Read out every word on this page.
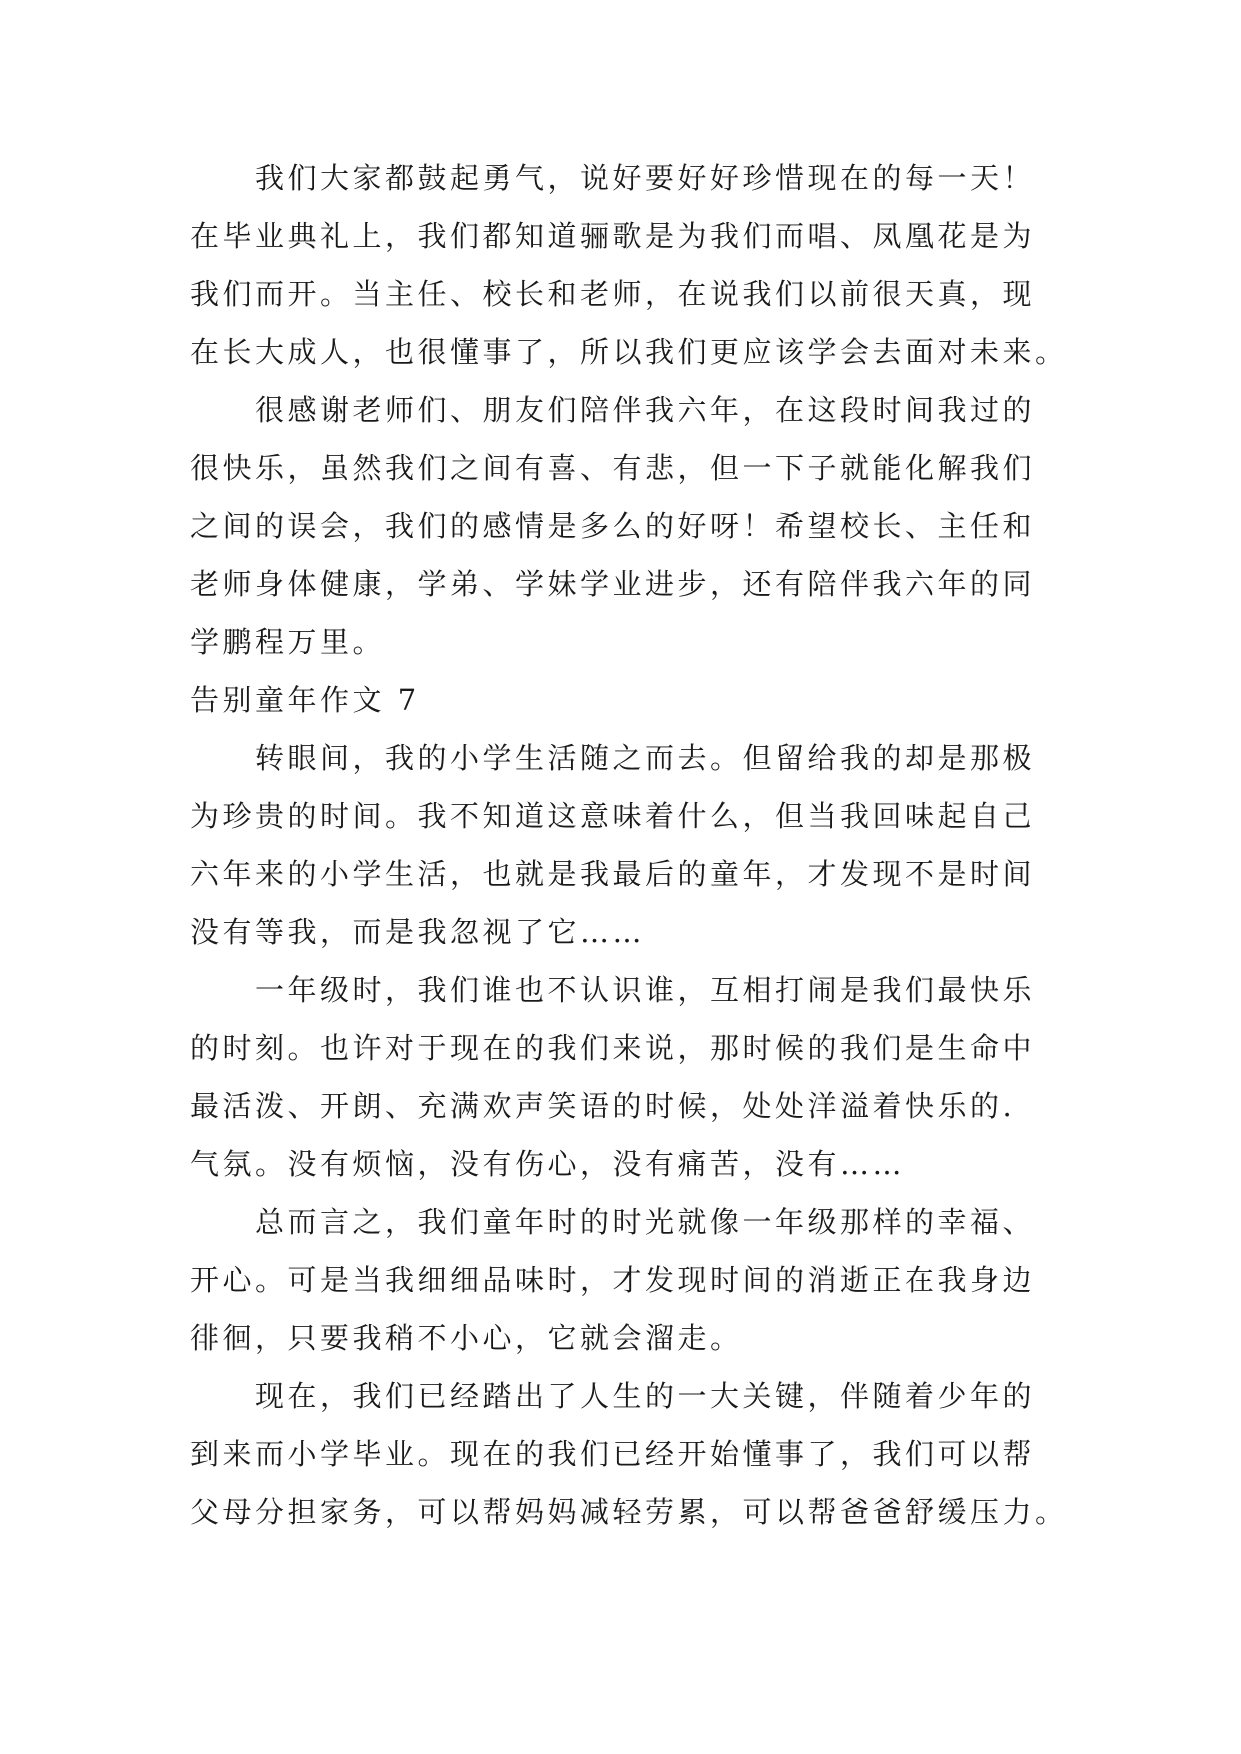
　　我们大家都鼓起勇气，说好要好好珍惜现在的每一天！
在毕业典礼上，我们都知道骊歌是为我们而唱、凤凰花是为
我们而开。当主任、校长和老师，在说我们以前很天真，现
在长大成人，也很懂事了，所以我们更应该学会去面对未来。
　　很感谢老师们、朋友们陪伴我六年，在这段时间我过的
很快乐，虽然我们之间有喜、有悲，但一下子就能化解我们
之间的误会，我们的感情是多么的好呀！希望校长、主任和
老师身体健康，学弟、学妹学业进步，还有陪伴我六年的同
学鹏程万里。
告别童年作文 7
　　转眼间，我的小学生活随之而去。但留给我的却是那极
为珍贵的时间。我不知道这意味着什么，但当我回味起自己
六年来的小学生活，也就是我最后的童年，才发现不是时间
没有等我，而是我忽视了它……
　　一年级时，我们谁也不认识谁，互相打闹是我们最快乐
的时刻。也许对于现在的我们来说，那时候的我们是生命中
最活泼、开朗、充满欢声笑语的时候，处处洋溢着快乐的.
气氛。没有烦恼，没有伤心，没有痛苦，没有……
　　总而言之，我们童年时的时光就像一年级那样的幸福、
开心。可是当我细细品味时，才发现时间的消逝正在我身边
徘徊，只要我稍不小心，它就会溜走。
　　现在，我们已经踏出了人生的一大关键，伴随着少年的
到来而小学毕业。现在的我们已经开始懂事了，我们可以帮
父母分担家务，可以帮妈妈减轻劳累，可以帮爸爸舒缓压力。
